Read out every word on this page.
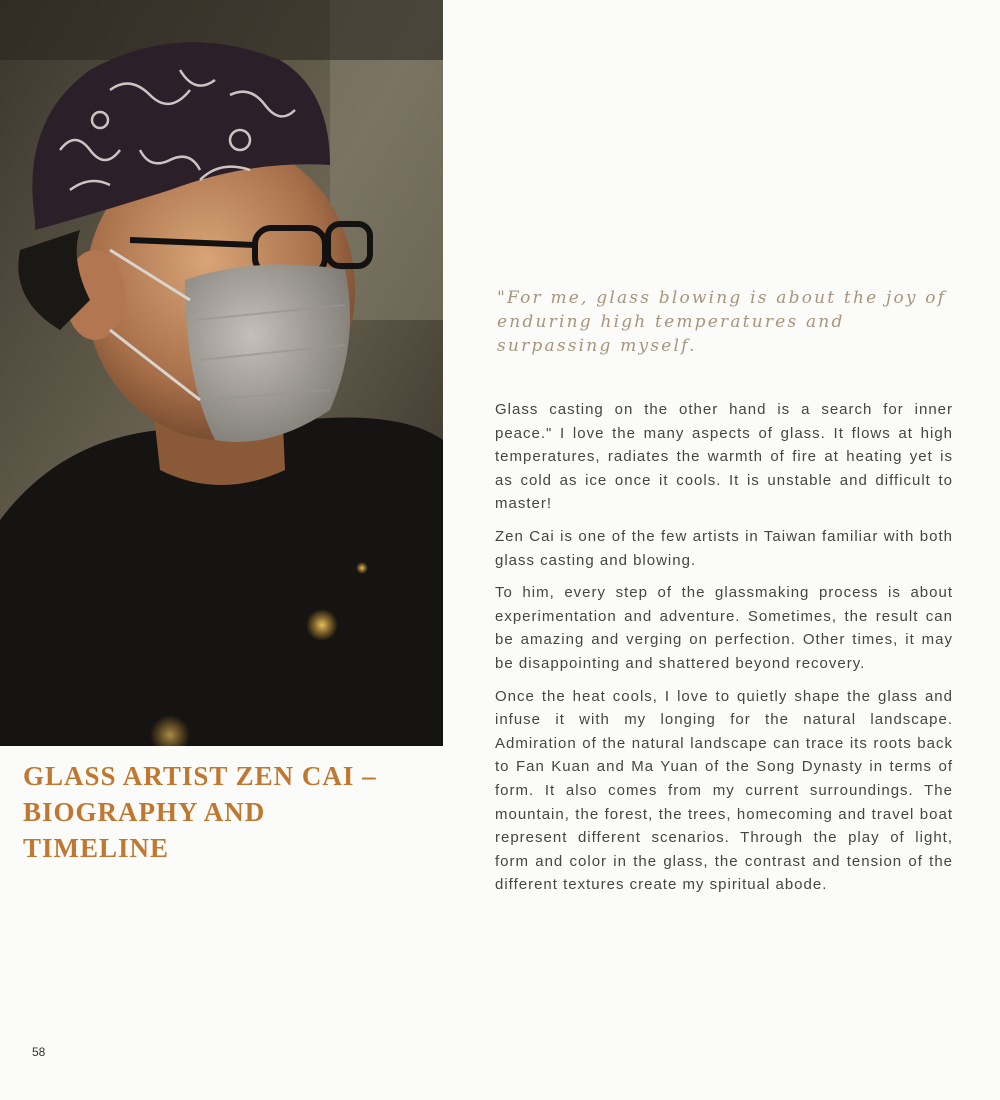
GLASS ARTIST ZEN CAI –
BIOGRAPHY AND
TIMELINE

"For me, glass blowing is about the joy of enduring high temperatures and surpassing myself.

Glass casting on the other hand is a search for inner peace." I love the many aspects of glass. It flows at high temperatures, radiates the warmth of fire at heating yet is as cold as ice once it cools. It is unstable and difficult to master!

Zen Cai is one of the few artists in Taiwan familiar with both glass casting and blowing.

To him, every step of the glassmaking process is about experimentation and adventure. Sometimes, the result can be amazing and verging on perfection. Other times, it may be disappointing and shattered beyond recovery.

Once the heat cools, I love to quietly shape the glass and infuse it with my longing for the natural landscape. Admiration of the natural landscape can trace its roots back to Fan Kuan and Ma Yuan of the Song Dynasty in terms of form. It also comes from my current surroundings. The mountain, the forest, the trees, homecoming and travel boat represent different scenarios. Through the play of light, form and color in the glass, the contrast and tension of the different textures create my spiritual abode.

58
